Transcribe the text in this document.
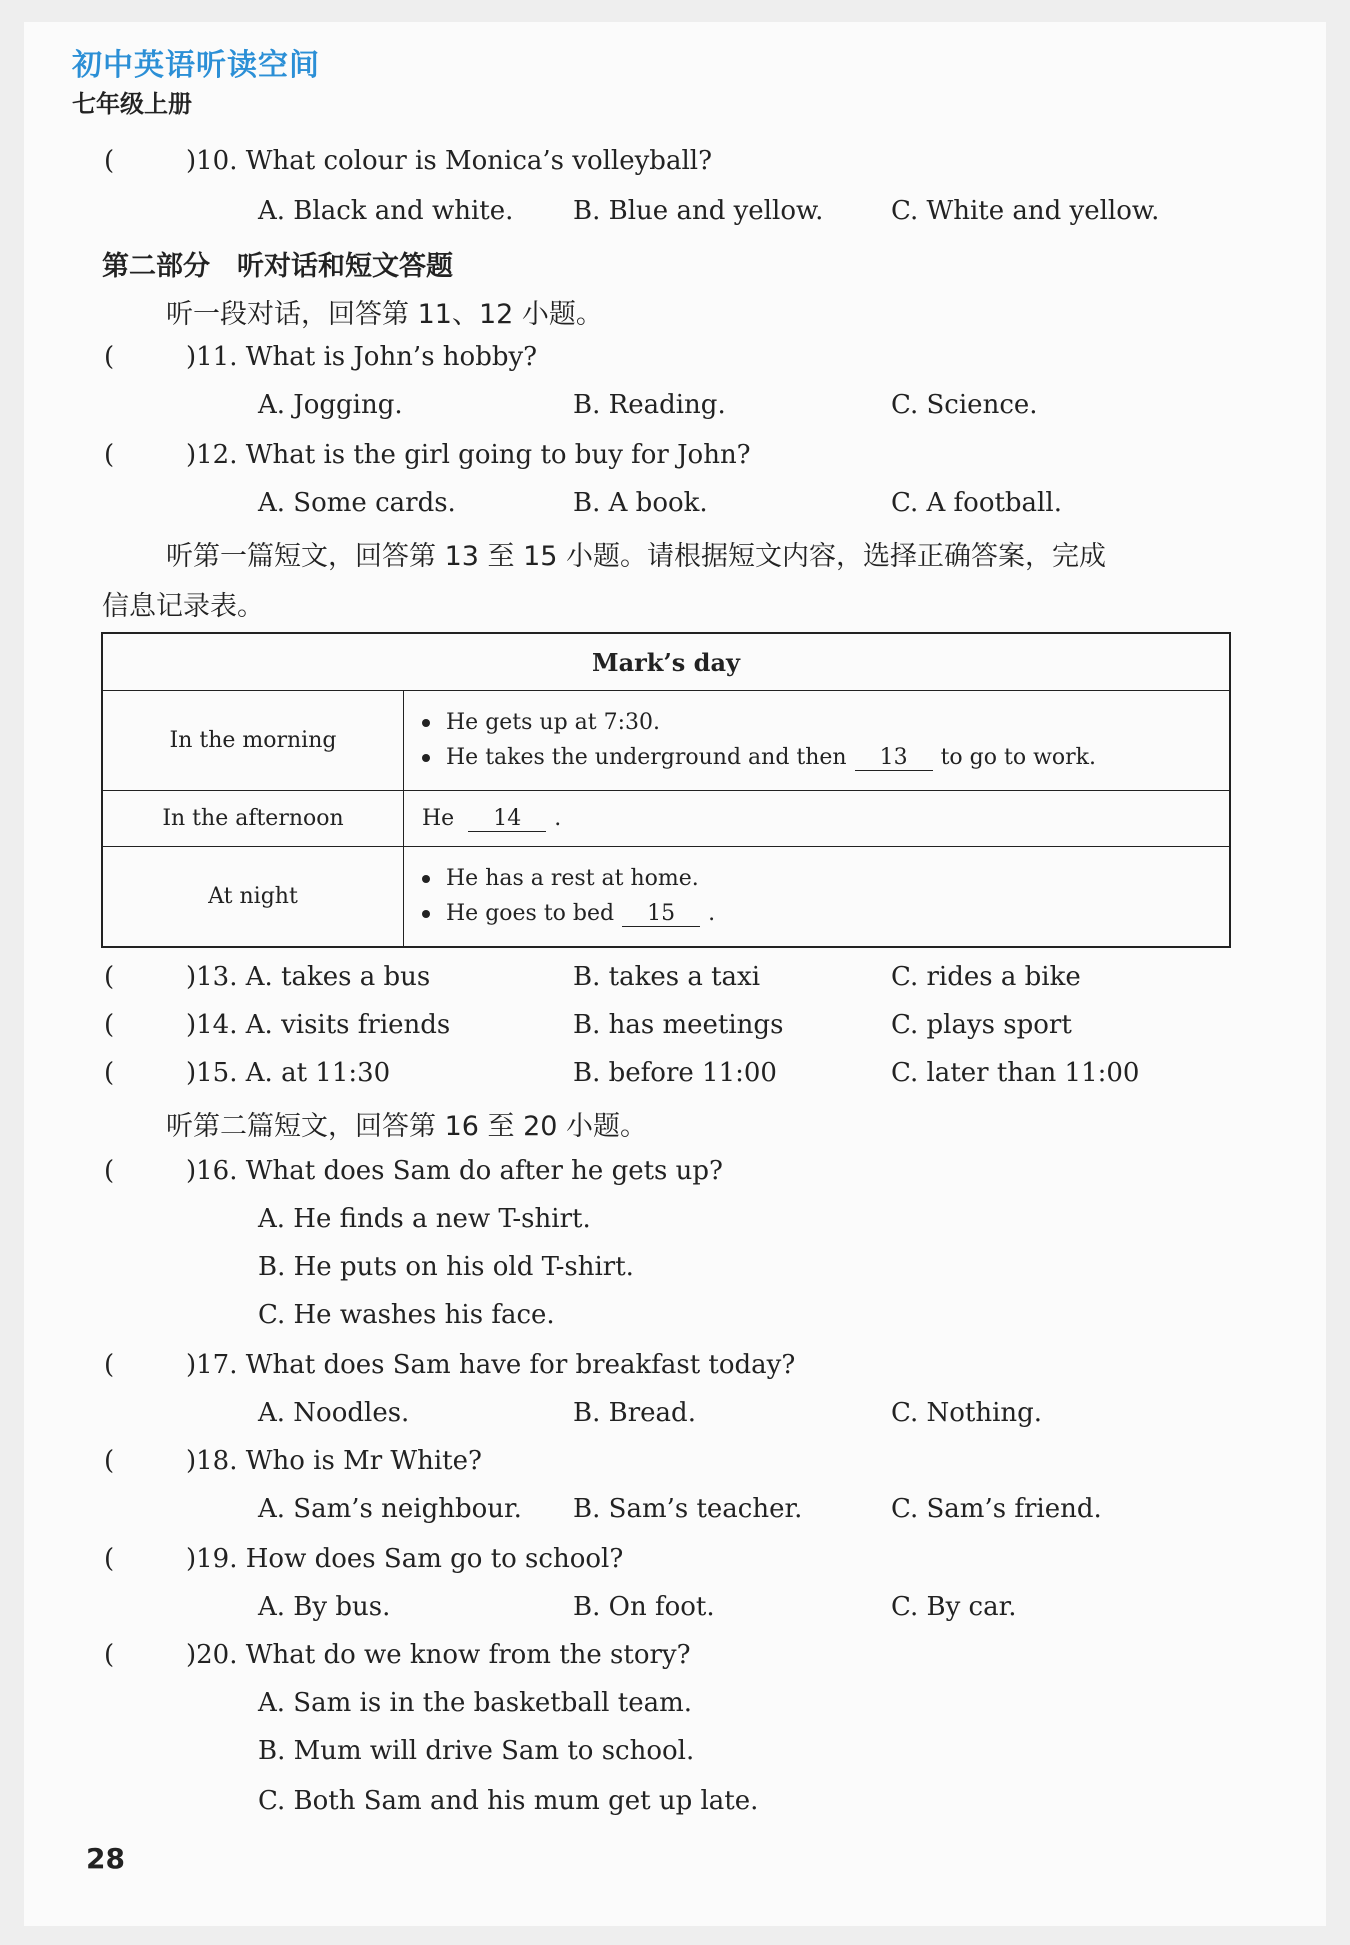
初中英语听读空间
七年级上册
(	)10. What colour is Monica’s volleyball?
A. Black and white. B. Blue and yellow.	C. White and yellow.
第二部分　听对话和短文答题
听一段对话，回答第 11、12 小题。
(	)11. What is John’s hobby?
A. Jogging.	B. Reading.	C. Science.
(	)12. What is the girl going to buy for John?
A. Some cards.	B. A book.	C. A football.
听第一篇短文，回答第 13 至 15 小题。请根据短文内容，选择正确答案，完成
信息记录表。
Mark’s day	
In the morning	He gets up at 7:30.
He takes the underground and then 13 to go to work.

In the afternoon	He 14 .
At night	He has a rest at home.
He goes to bed 15 .
(	)13. A. takes a bus	B. takes a taxi	C. rides a bike
(	)14. A. visits friends	B. has meetings	C. plays sport
(	)15. A. at 11:30	B. before 11:00	C. later than 11:00
听第二篇短文，回答第 16 至 20 小题。
(	)16. What does Sam do after he gets up?
A. He finds a new T-shirt.
B. He puts on his old T-shirt.
C. He washes his face.
(	)17. What does Sam have for breakfast today?
A. Noodles.	B. Bread.	C. Nothing.
(	)18. Who is Mr White?
A. Sam’s neighbour. B. Sam’s teacher.	C. Sam’s friend.
(	)19. How does Sam go to school?
A. By bus.	B. On foot.	C. By car.
(	)20. What do we know from the story?
A. Sam is in the basketball team.
B. Mum will drive Sam to school.
C. Both Sam and his mum get up late.
28
